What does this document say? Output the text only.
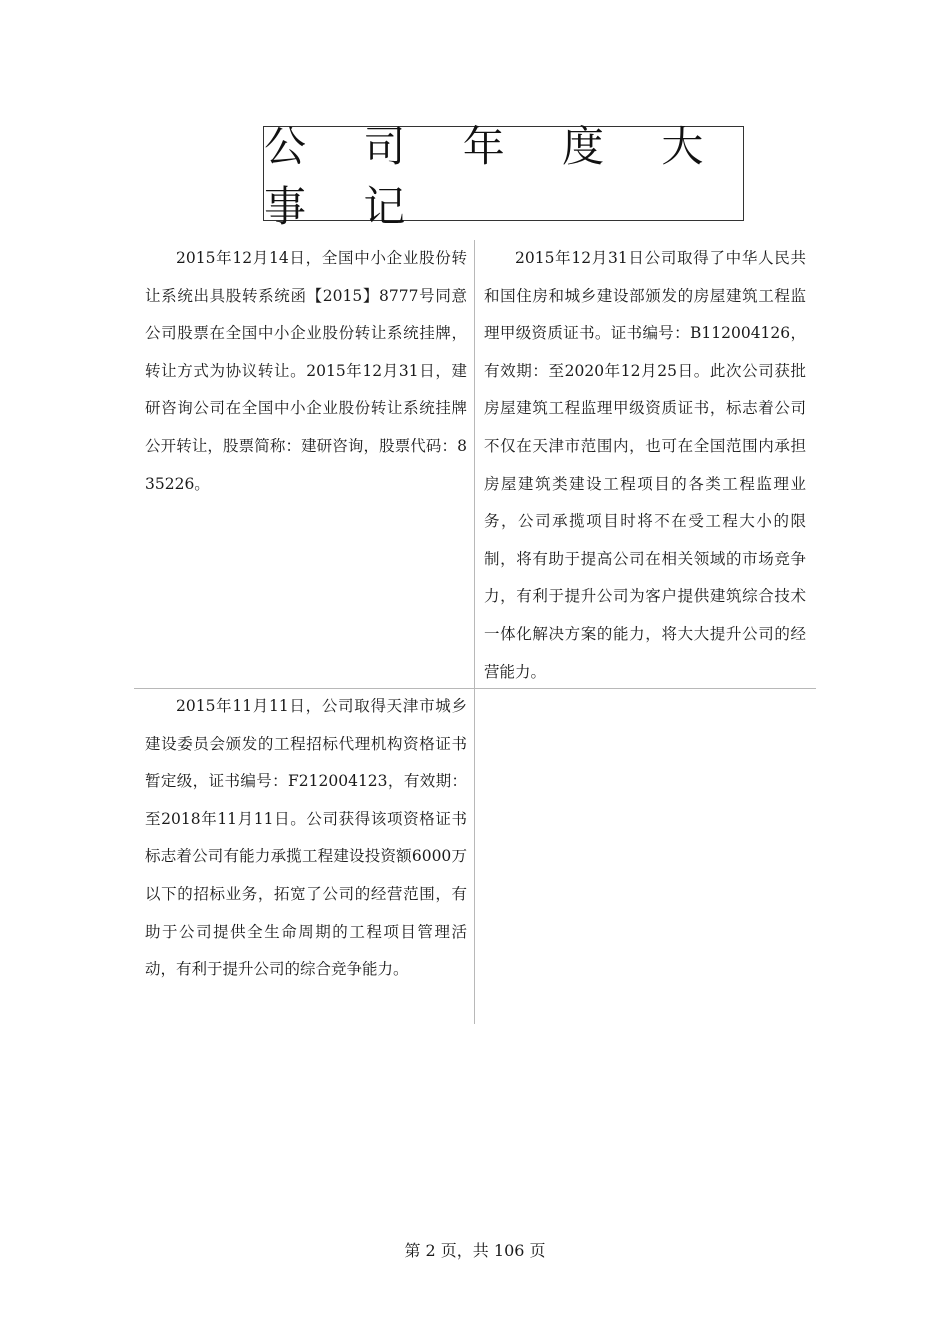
公 司 年 度 大 事 记
2015年12月14日，全国中小企业股份转让系统出具股转系统函【2015】8777号同意公司股票在全国中小企业股份转让系统挂牌，转让方式为协议转让。2015年12月31日，建研咨询公司在全国中小企业股份转让系统挂牌公开转让，股票简称：建研咨询，股票代码：835226。
2015年12月31日公司取得了中华人民共和国住房和城乡建设部颁发的房屋建筑工程监理甲级资质证书。证书编号：B112004126，有效期：至2020年12月25日。此次公司获批房屋建筑工程监理甲级资质证书，标志着公司不仅在天津市范围内，也可在全国范围内承担房屋建筑类建设工程项目的各类工程监理业务，公司承揽项目时将不在受工程大小的限制，将有助于提高公司在相关领域的市场竞争力，有利于提升公司为客户提供建筑综合技术一体化解决方案的能力，将大大提升公司的经营能力。
2015年11月11日，公司取得天津市城乡建设委员会颁发的工程招标代理机构资格证书暂定级，证书编号：F212004123，有效期：至2018年11月11日。公司获得该项资格证书标志着公司有能力承揽工程建设投资额6000万以下的招标业务，拓宽了公司的经营范围，有助于公司提供全生命周期的工程项目管理活动，有利于提升公司的综合竞争能力。
第 2 页，共 106 页
